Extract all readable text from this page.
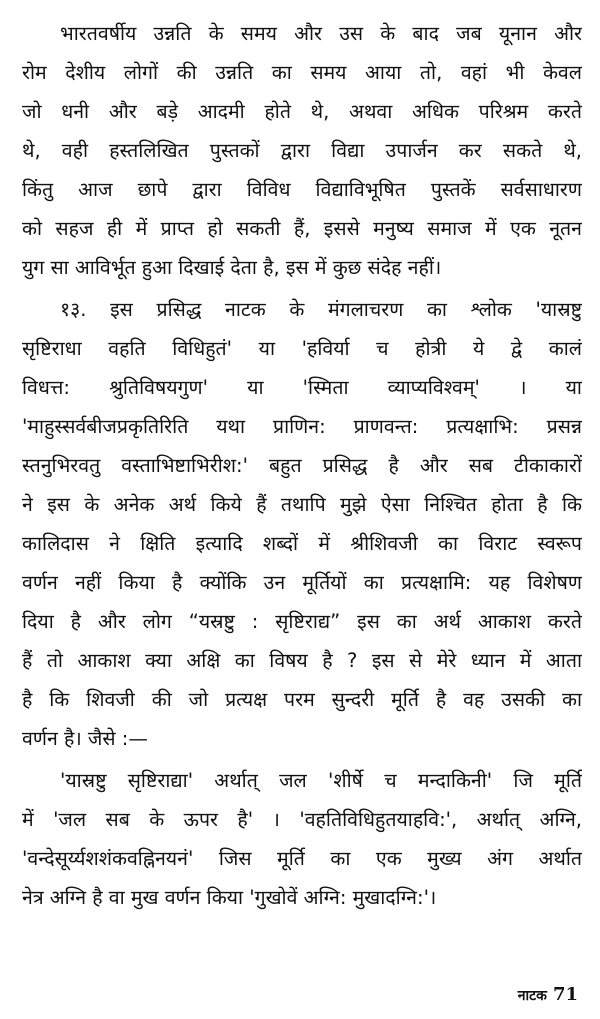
भारतवर्षीय उन्नति के समय और उस के बाद जब यूनान और
रोम देशीय लोगों की उन्नति का समय आया तो, वहां भी केवल
जो धनी और बड़े आदमी होते थे, अथवा अधिक परिश्रम करते
थे, वही हस्तलिखित पुस्तकों द्वारा विद्या उपार्जन कर सकते थे,
किंतु आज छापे द्वारा विविध विद्याविभूषित पुस्तकें सर्वसाधारण
को सहज ही में प्राप्त हो सकती हैं, इससे मनुष्य समाज में एक नूतन
युग सा आविर्भूत हुआ दिखाई देता है, इस में कुछ संदेह नहीं।
१३. इस प्रसिद्ध नाटक के मंगलाचरण का श्लोक 'यास्रष्टु
सृष्टिराधा वहति विधिहुतं' या 'हविर्या च होत्री ये द्वे कालं
विधत्त: श्रुतिविषयगुण' या 'स्मिता व्याप्यविश्वम्' । या
'माहुस्सर्वबीजप्रकृतिरिति यथा प्राणिन: प्राणवन्त: प्रत्यक्षाभि: प्रसन्न
स्तनुभिरवतु वस्ताभिष्टाभिरीश:' बहुत प्रसिद्ध है और सब टीकाकारों
ने इस के अनेक अर्थ किये हैं तथापि मुझे ऐसा निश्चित होता है कि
कालिदास ने क्षिति इत्यादि शब्दों में श्रीशिवजी का विराट स्वरूप
वर्णन नहीं किया है क्योंकि उन मूर्तियों का प्रत्यक्षामि: यह विशेषण
दिया है और लोग “यस्रष्टु : सृष्टिराद्य” इस का अर्थ आकाश करते
हैं तो आकाश क्या अक्षि का विषय है ? इस से मेरे ध्यान में आता
है कि शिवजी की जो प्रत्यक्ष परम सुन्दरी मूर्ति है वह उसकी का
वर्णन है। जैसे :—
'यास्रष्टु सृष्टिराद्या' अर्थात् जल 'शीर्षे च मन्दाकिनी' जि मूर्ति
में 'जल सब के ऊपर है' । 'वहतिविधिहुतयाहवि:', अर्थात् अग्नि,
'वन्देसूर्य्यशशंकवह्निनयनं' जिस मूर्ति का एक मुख्य अंग अर्थात
नेत्र अग्नि है वा मुख वर्णन किया 'गुखोवें अग्नि: मुखादग्नि:'।
नाटक 71
